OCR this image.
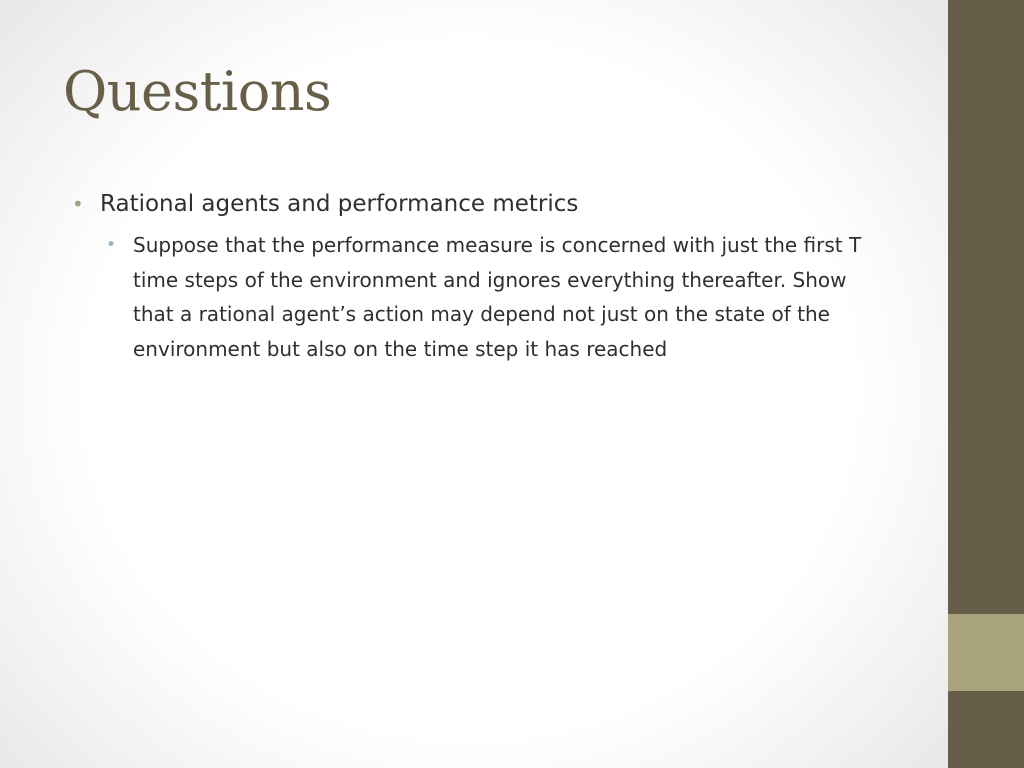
Questions
• Rational agents and performance metrics
• Suppose that the performance measure is concerned with just the first T time steps of the environment and ignores everything thereafter. Show that a rational agent’s action may depend not just on the state of the environment but also on the time step it has reached
